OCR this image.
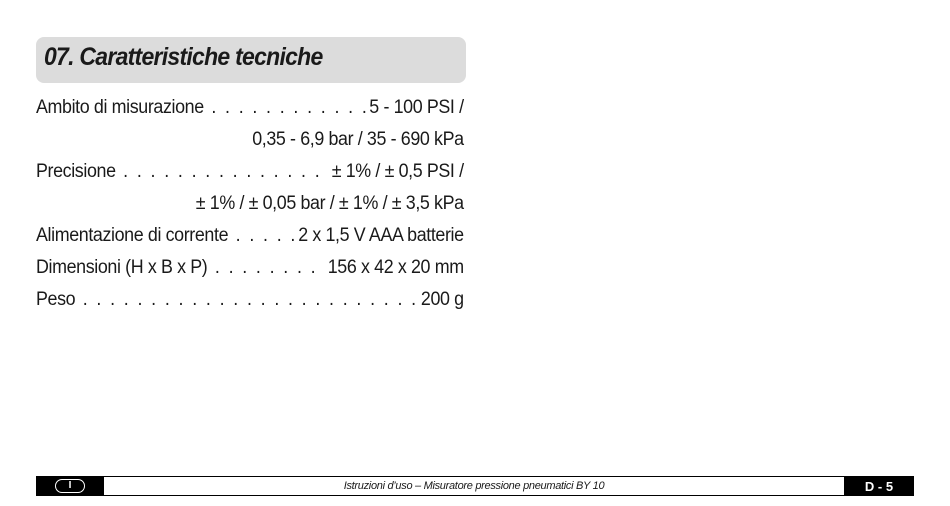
07. Caratteristiche tecniche
Ambito di misurazione . . .	5 - 100 PSI /
0,35 - 6,9 bar / 35 - 690 kPa
Precisione . . .	± 1% / ± 0,5 PSI /
± 1% / ± 0,05 bar / ± 1% / ± 3,5 kPa
Alimentazione di corrente . . .	2 x 1,5 V AAA batterie
Dimensioni (H x B x P) . . .	156 x 42 x 20 mm
Peso . . .	200 g
I	Istruzioni d’uso – Misuratore pressione pneumatici BY 10	D - 5
